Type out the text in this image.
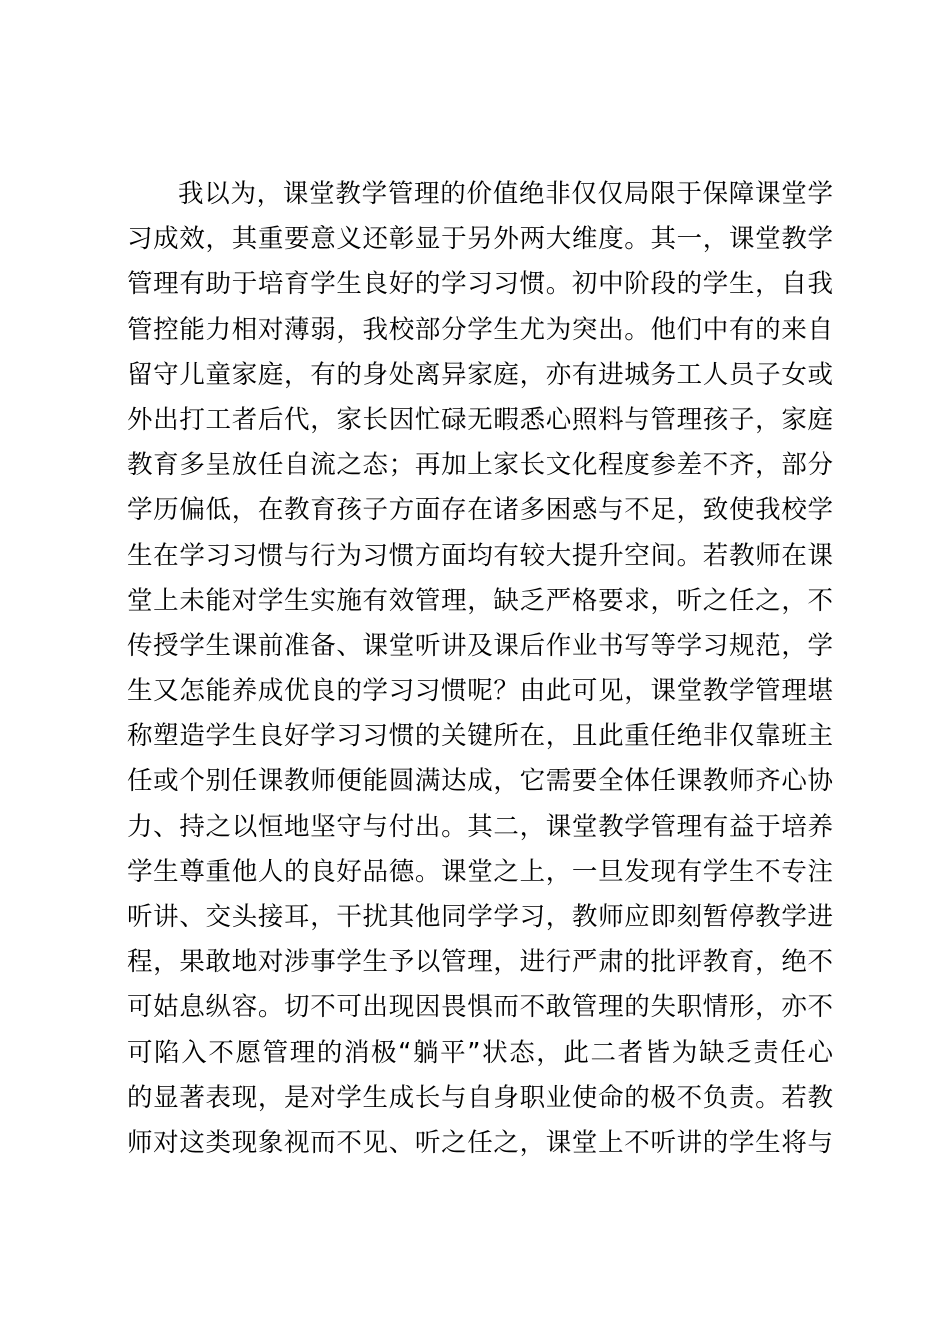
我以为，课堂教学管理的价值绝非仅仅局限于保障课堂学
习成效，其重要意义还彰显于另外两大维度。其一，课堂教学
管理有助于培育学生良好的学习习惯。初中阶段的学生，自我
管控能力相对薄弱，我校部分学生尤为突出。他们中有的来自
留守儿童家庭，有的身处离异家庭，亦有进城务工人员子女或
外出打工者后代，家长因忙碌无暇悉心照料与管理孩子，家庭
教育多呈放任自流之态；再加上家长文化程度参差不齐，部分
学历偏低，在教育孩子方面存在诸多困惑与不足，致使我校学
生在学习习惯与行为习惯方面均有较大提升空间。若教师在课
堂上未能对学生实施有效管理，缺乏严格要求，听之任之，不
传授学生课前准备、课堂听讲及课后作业书写等学习规范，学
生又怎能养成优良的学习习惯呢？由此可见，课堂教学管理堪
称塑造学生良好学习习惯的关键所在，且此重任绝非仅靠班主
任或个别任课教师便能圆满达成，它需要全体任课教师齐心协
力、持之以恒地坚守与付出。其二，课堂教学管理有益于培养
学生尊重他人的良好品德。课堂之上，一旦发现有学生不专注
听讲、交头接耳，干扰其他同学学习，教师应即刻暂停教学进
程，果敢地对涉事学生予以管理，进行严肃的批评教育，绝不
可姑息纵容。切不可出现因畏惧而不敢管理的失职情形，亦不
可陷入不愿管理的消极“躺平”状态，此二者皆为缺乏责任心
的显著表现，是对学生成长与自身职业使命的极不负责。若教
师对这类现象视而不见、听之任之，课堂上不听讲的学生将与
